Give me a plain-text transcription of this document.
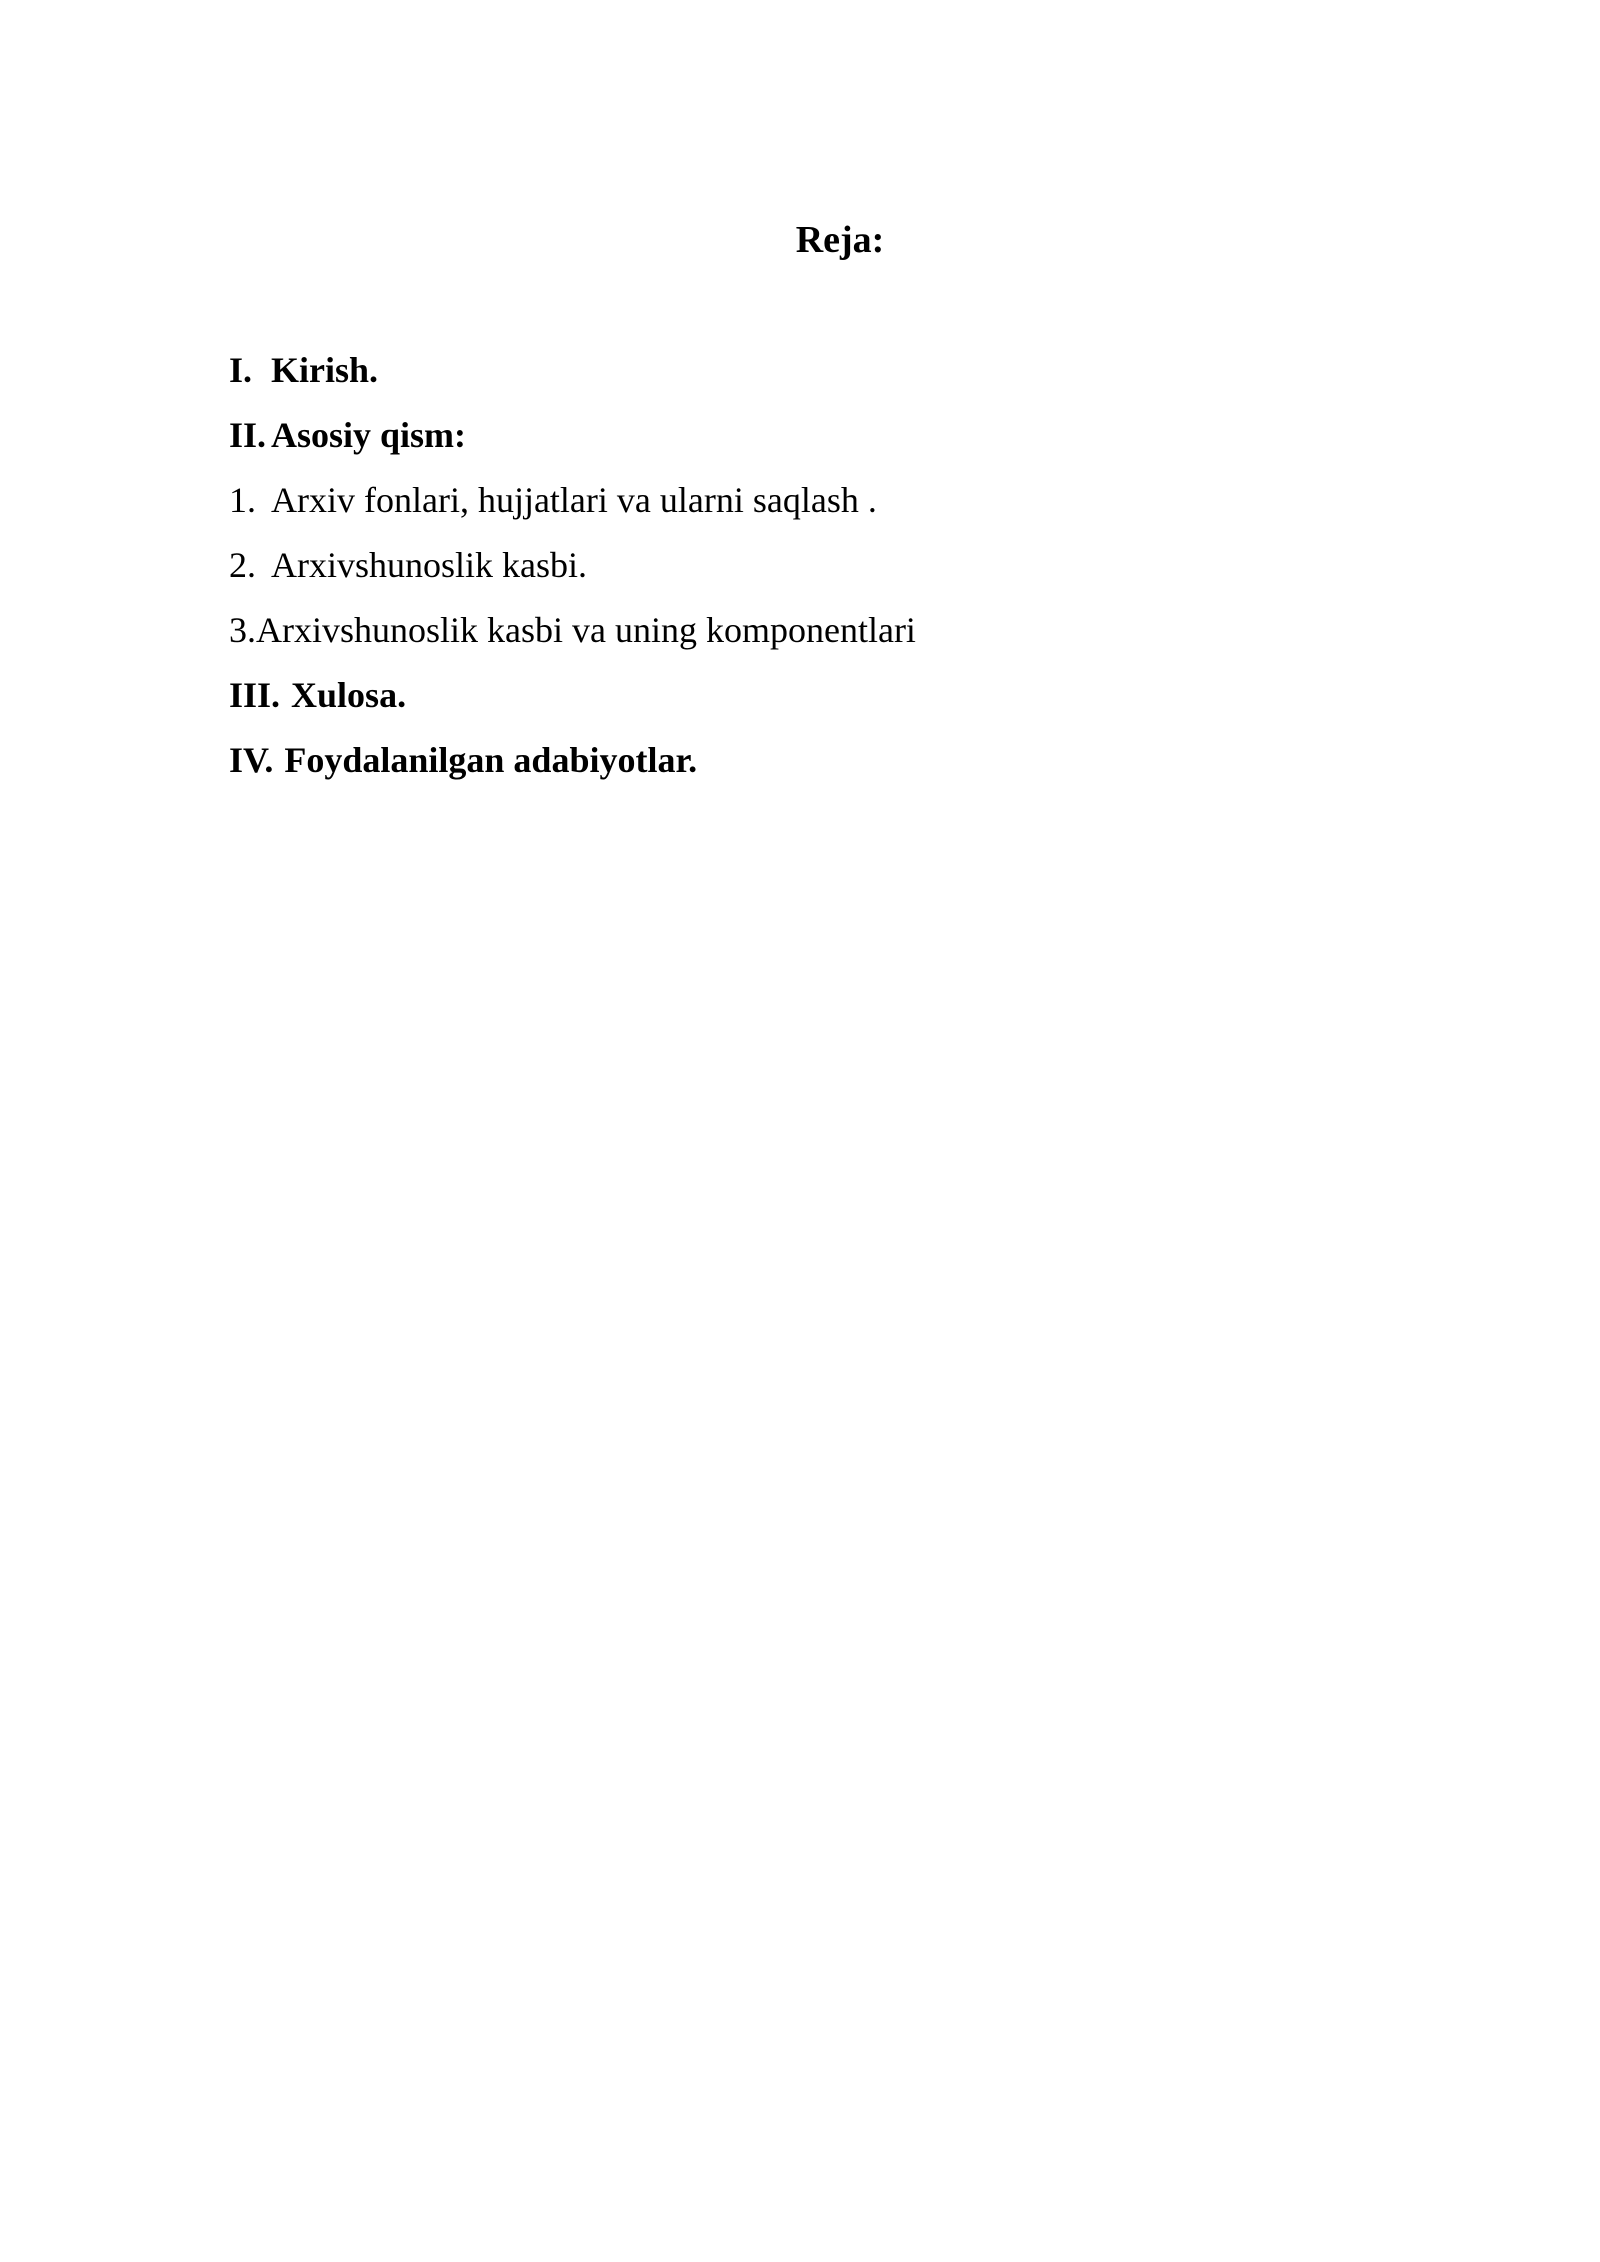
Reja:
I. Kirish.
II. Asosiy qism:
1. Arxiv fonlari, hujjatlari va ularni saqlash .
2. Arxivshunoslik kasbi.
3. Arxivshunoslik kasbi va uning komponentlari
III. Xulosa.
IV. Foydalanilgan adabiyotlar.
